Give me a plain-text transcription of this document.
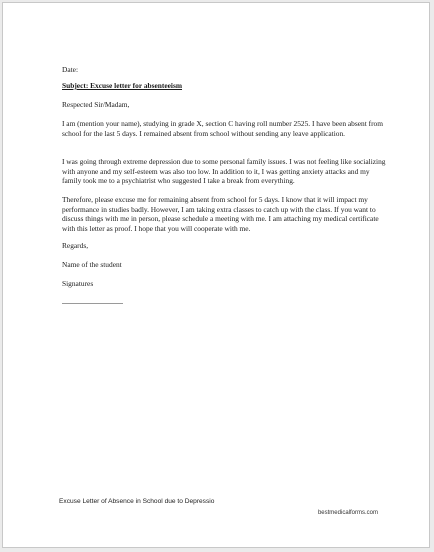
Date:
Subject: Excuse letter for absenteeism
Respected Sir/Madam,
I am (mention your name), studying in grade X, section C having roll number 2525. I have been absent from school for the last 5 days. I remained absent from school without sending any leave application.
I was going through extreme depression due to some personal family issues. I was not feeling like socializing with anyone and my self-esteem was also too low. In addition to it, I was getting anxiety attacks and my family took me to a psychiatrist who suggested I take a break from everything.
Therefore, please excuse me for remaining absent from school for 5 days. I know that it will impact my performance in studies badly. However, I am taking extra classes to catch up with the class. If you want to discuss things with me in person, please schedule a meeting with me. I am attaching my medical certificate with this letter as proof. I hope that you will cooperate with me.
Regards,
Name of the student
Signatures
Excuse Letter of Absence in School due to Depressio
bestmedicalforms.com
